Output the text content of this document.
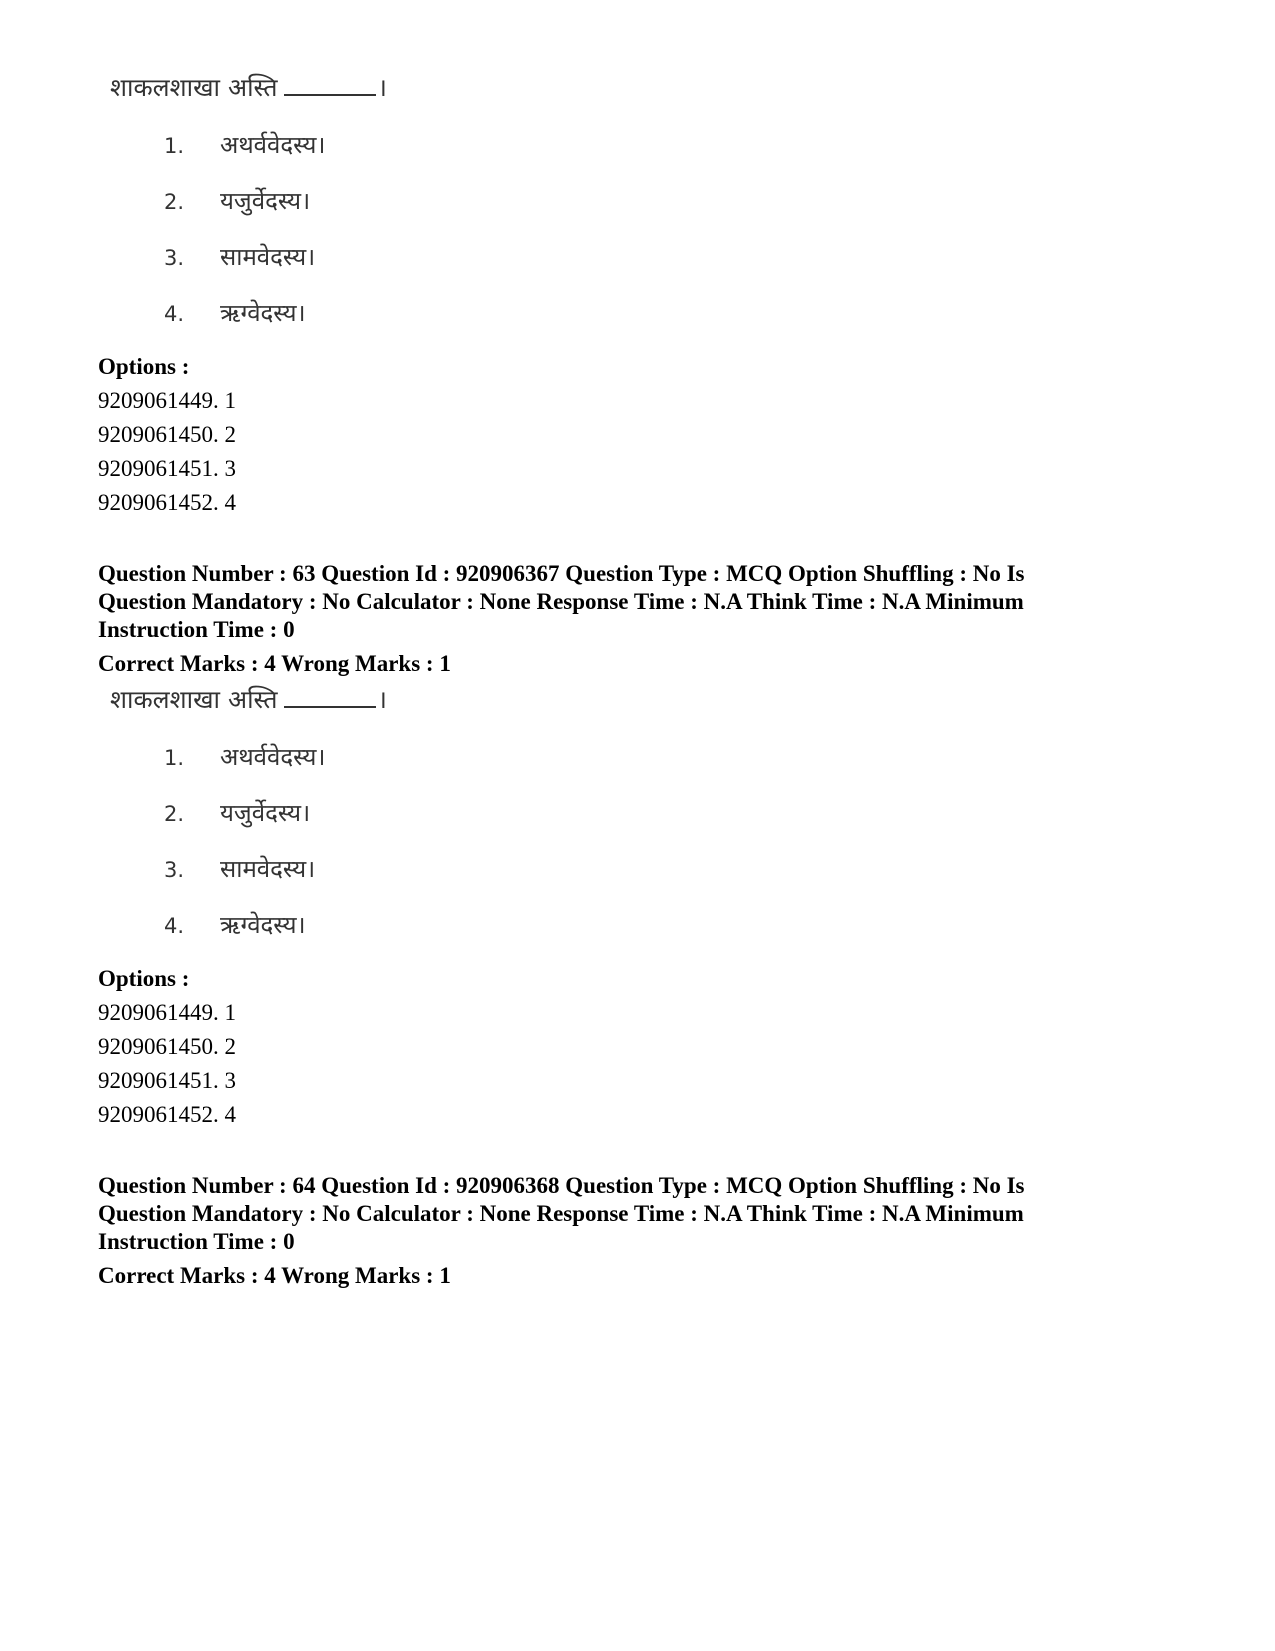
शाकलशाखा अस्ति	।
1. अथर्ववेदस्य।
2. यजुर्वेदस्य।
3. सामवेदस्य।
4. ऋग्वेदस्य।
Options :
9209061449. 1
9209061450. 2
9209061451. 3
9209061452. 4
Question Number : 63 Question Id : 920906367 Question Type : MCQ Option Shuffling : No Is
Question Mandatory : No Calculator : None Response Time : N.A Think Time : N.A Minimum
Instruction Time : 0
Correct Marks : 4 Wrong Marks : 1
शाकलशाखा अस्ति	।
1. अथर्ववेदस्य।
2. यजुर्वेदस्य।
3. सामवेदस्य।
4. ऋग्वेदस्य।
Options :
9209061449. 1
9209061450. 2
9209061451. 3
9209061452. 4
Question Number : 64 Question Id : 920906368 Question Type : MCQ Option Shuffling : No Is
Question Mandatory : No Calculator : None Response Time : N.A Think Time : N.A Minimum
Instruction Time : 0
Correct Marks : 4 Wrong Marks : 1
